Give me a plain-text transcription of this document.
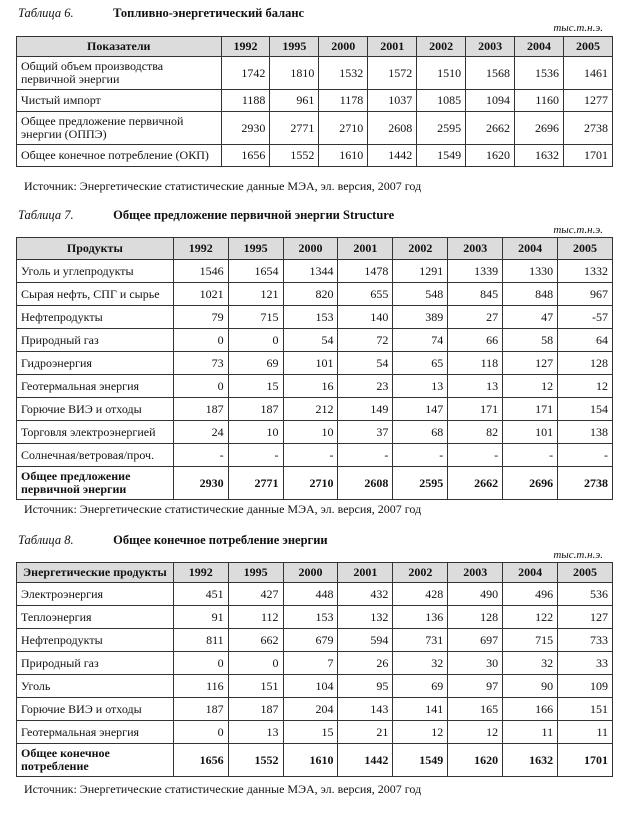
Таблица 6.	Топливно-энергетический баланс
тыс.т.н.э.
Показатели	1992	1995	2000	2001	2002	2003	2004	2005
Общий объем производства первичной энергии	1742	1810	1532	1572	1510	1568	1536	1461
Чистый импорт	1188	961	1178	1037	1085	1094	1160	1277
Общее предложение первичной энергии (ОППЭ)	2930	2771	2710	2608	2595	2662	2696	2738
Общее конечное потребление (ОКП)	1656	1552	1610	1442	1549	1620	1632	1701
Источник: Энергетические статистические данные МЭА, эл. версия, 2007 год
Таблица 7.	Общее предложение первичной энергии Structure
тыс.т.н.э.
Продукты	1992	1995	2000	2001	2002	2003	2004	2005
Уголь и углепродукты	1546	1654	1344	1478	1291	1339	1330	1332
Сырая нефть, СПГ и сырье	1021	121	820	655	548	845	848	967
Нефтепродукты	79	715	153	140	389	27	47	-57
Природный газ	0	0	54	72	74	66	58	64
Гидроэнергия	73	69	101	54	65	118	127	128
Геотермальная энергия	0	15	16	23	13	13	12	12
Горючие ВИЭ и отходы	187	187	212	149	147	171	171	154
Торговля электроэнергией	24	10	10	37	68	82	101	138
Солнечная/ветровая/проч.	-	-	-	-	-	-	-	-
Общее предложение первичной энергии	2930	2771	2710	2608	2595	2662	2696	2738
Источник: Энергетические статистические данные МЭА, эл. версия, 2007 год
Таблица 8.	Общее конечное потребление энергии
тыс.т.н.э.
Энергетические продукты	1992	1995	2000	2001	2002	2003	2004	2005
Электроэнергия	451	427	448	432	428	490	496	536
Теплоэнергия	91	112	153	132	136	128	122	127
Нефтепродукты	811	662	679	594	731	697	715	733
Природный газ	0	0	7	26	32	30	32	33
Уголь	116	151	104	95	69	97	90	109
Горючие ВИЭ и отходы	187	187	204	143	141	165	166	151
Геотермальная энергия	0	13	15	21	12	12	11	11
Общее конечное потребление	1656	1552	1610	1442	1549	1620	1632	1701
Источник: Энергетические статистические данные МЭА, эл. версия, 2007 год
